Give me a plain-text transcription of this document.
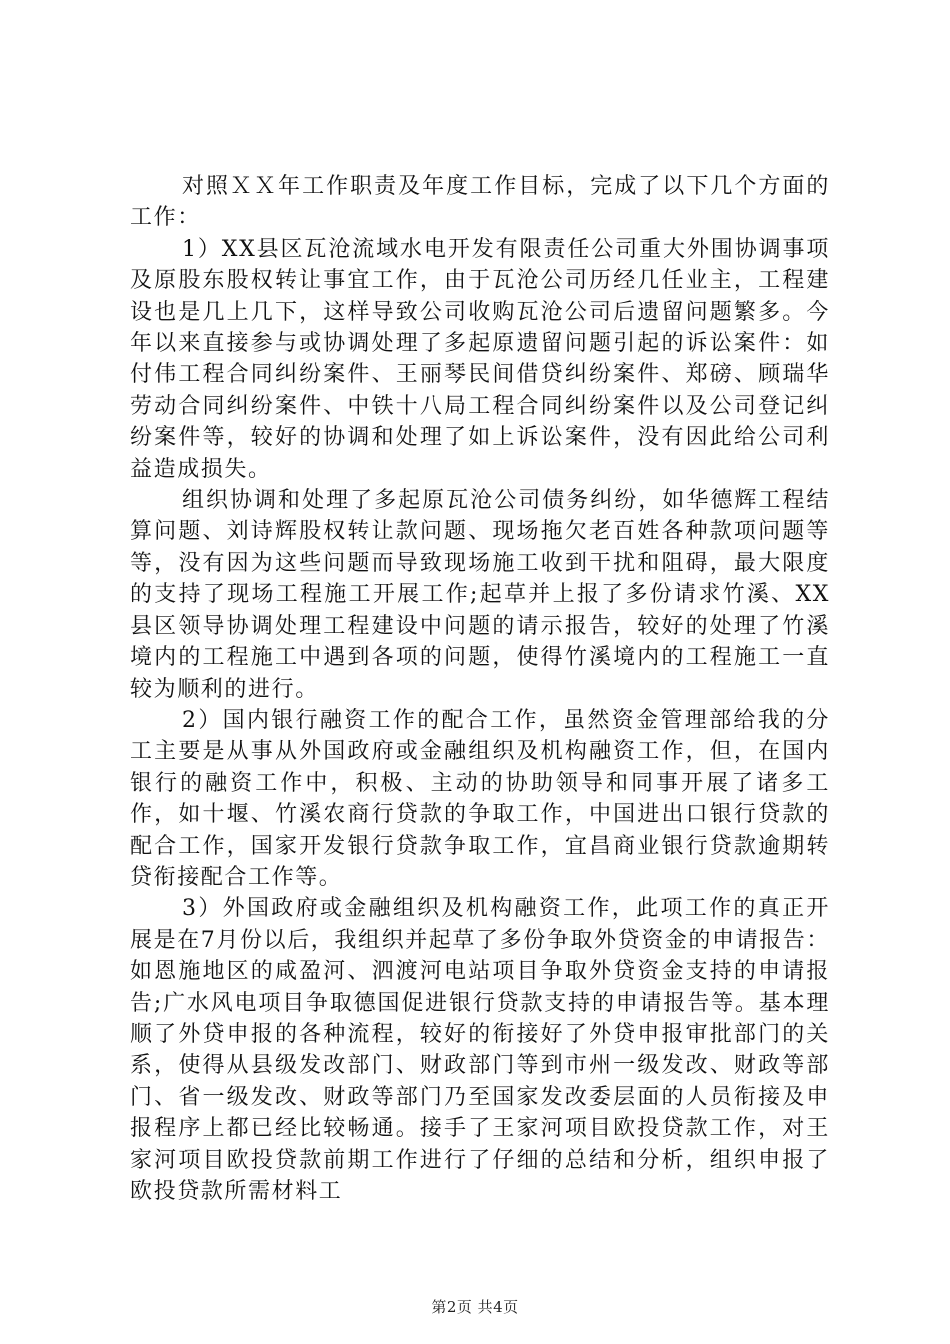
对照ＸＸ年工作职责及年度工作目标，完成了以下几个方面的工作：

1）XX县区瓦沧流域水电开发有限责任公司重大外围协调事项及原股东股权转让事宜工作，由于瓦沧公司历经几任业主，工程建设也是几上几下，这样导致公司收购瓦沧公司后遗留问题繁多。今年以来直接参与或协调处理了多起原遗留问题引起的诉讼案件：如付伟工程合同纠纷案件、王丽琴民间借贷纠纷案件、郑磅、顾瑞华劳动合同纠纷案件、中铁十八局工程合同纠纷案件以及公司登记纠纷案件等，较好的协调和处理了如上诉讼案件，没有因此给公司利益造成损失。

组织协调和处理了多起原瓦沧公司债务纠纷，如华德辉工程结算问题、刘诗辉股权转让款问题、现场拖欠老百姓各种款项问题等等，没有因为这些问题而导致现场施工收到干扰和阻碍，最大限度的支持了现场工程施工开展工作;起草并上报了多份请求竹溪、XX县区领导协调处理工程建设中问题的请示报告，较好的处理了竹溪境内的工程施工中遇到各项的问题，使得竹溪境内的工程施工一直较为顺利的进行。

2）国内银行融资工作的配合工作，虽然资金管理部给我的分工主要是从事从外国政府或金融组织及机构融资工作，但，在国内银行的融资工作中，积极、主动的协助领导和同事开展了诸多工作，如十堰、竹溪农商行贷款的争取工作，中国进出口银行贷款的配合工作，国家开发银行贷款争取工作，宜昌商业银行贷款逾期转贷衔接配合工作等。

3）外国政府或金融组织及机构融资工作，此项工作的真正开展是在7月份以后，我组织并起草了多份争取外贷资金的申请报告：如恩施地区的咸盈河、泗渡河电站项目争取外贷资金支持的申请报告;广水风电项目争取德国促进银行贷款支持的申请报告等。基本理顺了外贷申报的各种流程，较好的衔接好了外贷申报审批部门的关系，使得从县级发改部门、财政部门等到市州一级发改、财政等部门、省一级发改、财政等部门乃至国家发改委层面的人员衔接及申报程序上都已经比较畅通。接手了王家河项目欧投贷款工作，对王家河项目欧投贷款前期工作进行了仔细的总结和分析，组织申报了欧投贷款所需材料工

第2页 共4页
